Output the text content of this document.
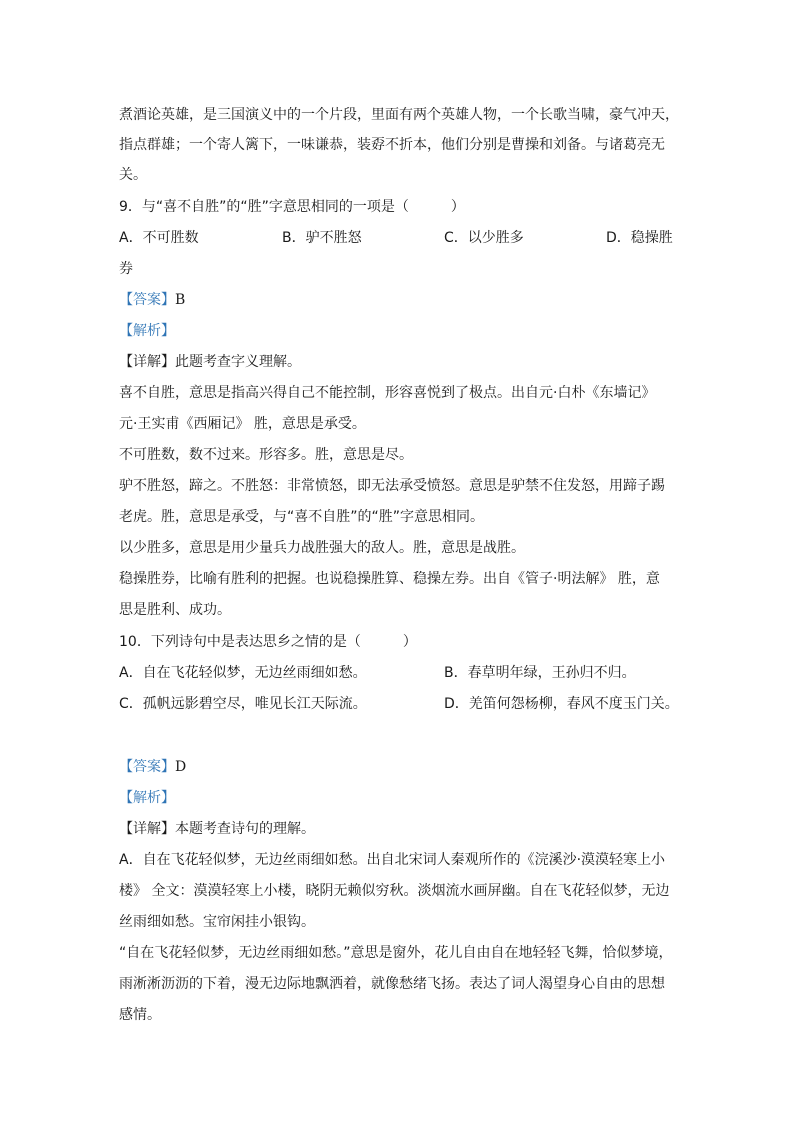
煮酒论英雄，是三国演义中的一个片段，里面有两个英雄人物，一个长歌当啸，豪气冲天，
指点群雄；一个寄人篱下，一味谦恭，装孬不折本，他们分别是曹操和刘备。与诸葛亮无
关。
9．与“喜不自胜”的“胜”字意思相同的一项是（　　　）
A．不可胜数	B．驴不胜怒	C．以少胜多	D．稳操胜
券
【答案】B
【解析】
【详解】此题考查字义理解。
喜不自胜，意思是指高兴得自己不能控制，形容喜悦到了极点。出自元·白朴《东墙记》
元·王实甫《西厢记》 胜，意思是承受。
不可胜数，数不过来。形容多。胜，意思是尽。
驴不胜怒，蹄之。不胜怒：非常愤怒，即无法承受愤怒。意思是驴禁不住发怒，用蹄子踢
老虎。胜，意思是承受，与“喜不自胜”的“胜”字意思相同。
以少胜多，意思是用少量兵力战胜强大的敌人。胜，意思是战胜。
稳操胜券，比喻有胜利的把握。也说稳操胜算、稳操左券。出自《管子·明法解》 胜，意
思是胜利、成功。
10．下列诗句中是表达思乡之情的是（　　　）
A．自在飞花轻似梦，无边丝雨细如愁。	B．春草明年绿，王孙归不归。
C．孤帆远影碧空尽，唯见长江天际流。	D．羌笛何怨杨柳，春风不度玉门关。
【答案】D
【解析】
【详解】本题考查诗句的理解。
A．自在飞花轻似梦，无边丝雨细如愁。出自北宋词人秦观所作的《浣溪沙·漠漠轻寒上小
楼》 全文：漠漠轻寒上小楼，晓阴无赖似穷秋。淡烟流水画屏幽。自在飞花轻似梦，无边
丝雨细如愁。宝帘闲挂小银钩。
“自在飞花轻似梦，无边丝雨细如愁。”意思是窗外，花儿自由自在地轻轻飞舞，恰似梦境，
雨淅淅沥沥的下着，漫无边际地飘洒着，就像愁绪飞扬。表达了词人渴望身心自由的思想
感情。
